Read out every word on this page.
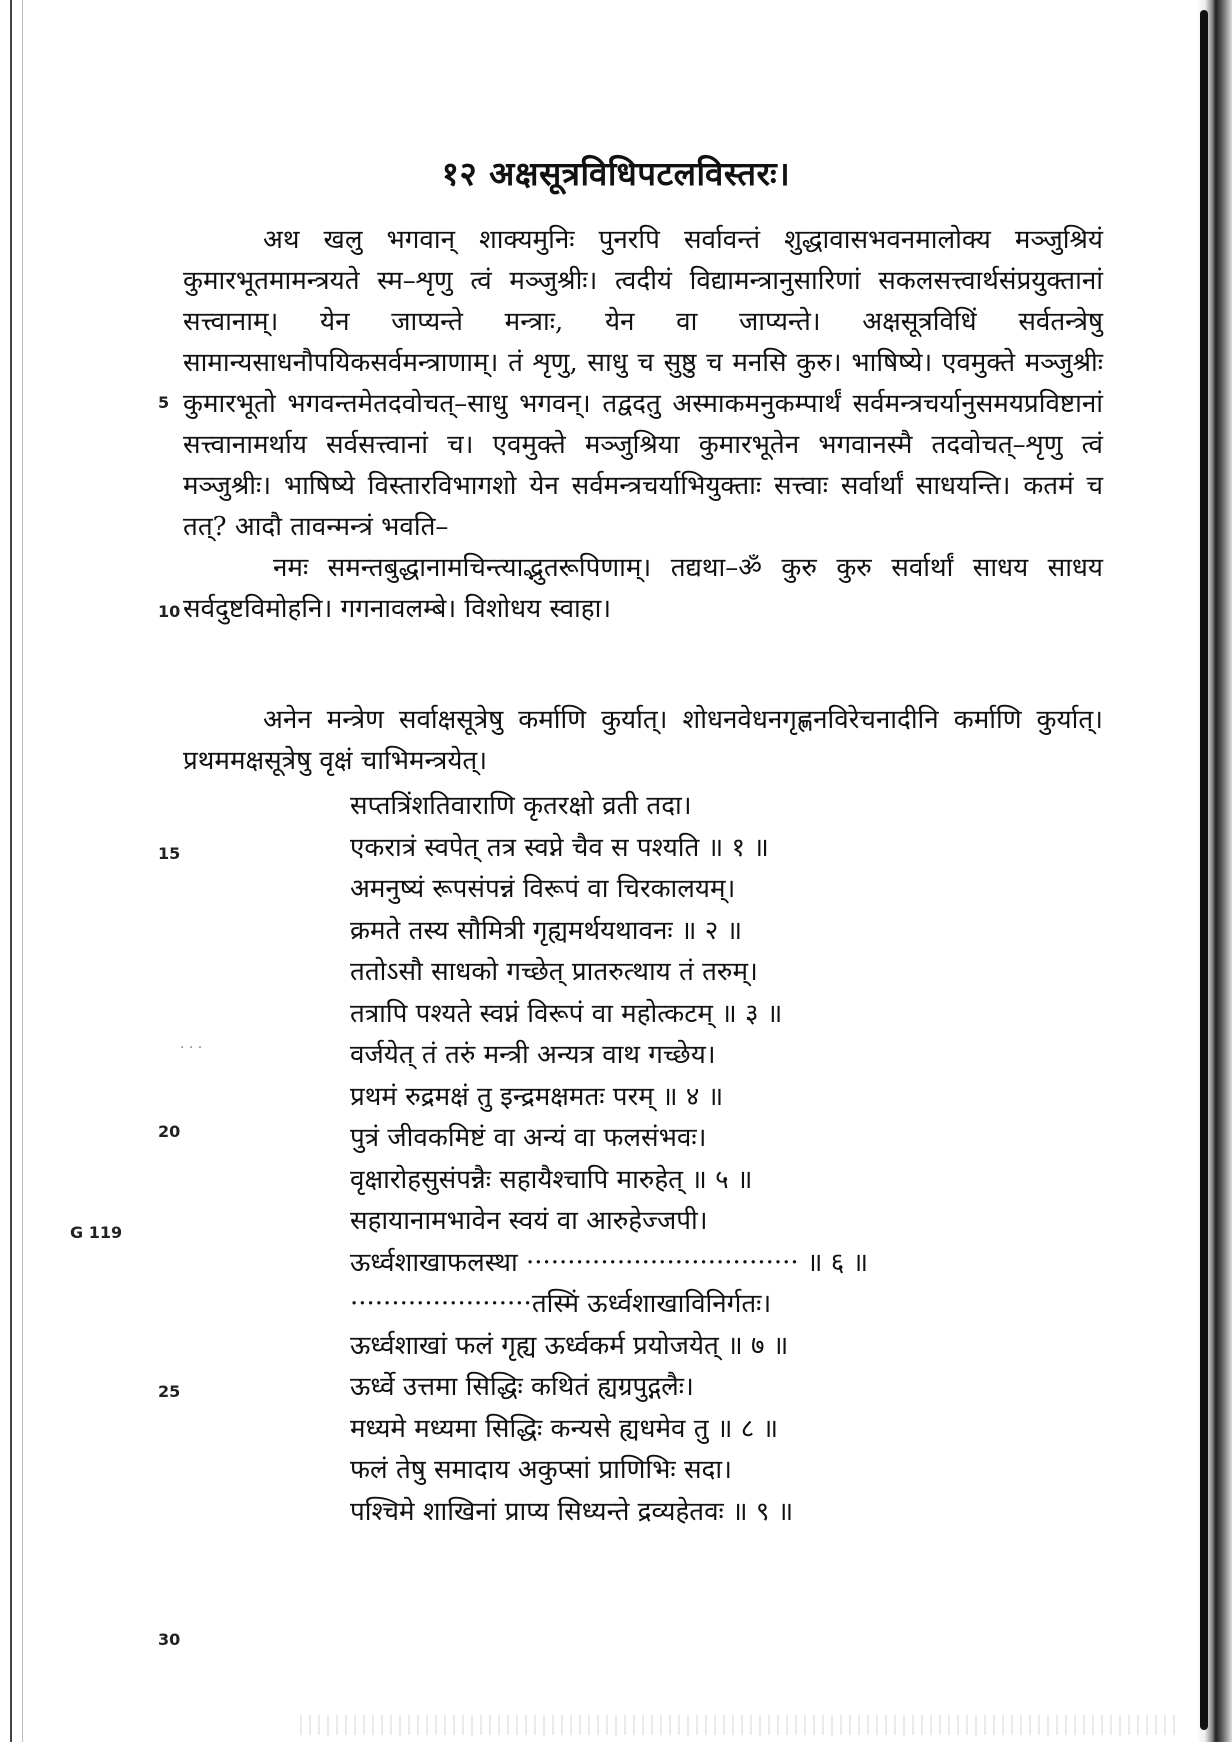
१२ अक्षसूत्रविधिपटलविस्तरः।

अथ खलु भगवान् शाक्यमुनिः पुनरपि सर्वावन्तं शुद्धावासभवनमालोक्य मञ्जुश्रियं कुमारभूतमामन्त्रयते स्म–शृणु त्वं मञ्जुश्रीः। त्वदीयं विद्यामन्त्रानुसारिणां सकलसत्त्वार्थसंप्रयुक्तानां सत्त्वानाम्। येन जाप्यन्ते मन्त्राः, येन वा जाप्यन्ते। अक्षसूत्रविधिं सर्वतन्त्रेषु सामान्यसाधनौपयिकसर्वमन्त्राणाम्। तं शृणु, साधु च सुष्ठु च मनसि कुरु। भाषिष्ये। एवमुक्ते मञ्जुश्रीः कुमारभूतो भगवन्तमेतदवोचत्–साधु भगवन्। तद्वदतु अस्माकमनुकम्पार्थं सर्वमन्त्रचर्यानुसमयप्रविष्टानां सत्त्वानामर्थाय सर्वसत्त्वानां च। एवमुक्ते मञ्जुश्रिया कुमारभूतेन भगवानस्मै तदवोचत्–शृणु त्वं मञ्जुश्रीः। भाषिष्ये विस्तारविभागशो येन सर्वमन्त्रचर्याभियुक्ताः सत्त्वाः सर्वार्थां साधयन्ति। कतमं च तत्? आदौ तावन्मन्त्रं भवति–

नमः समन्तबुद्धानामचिन्त्याद्भुतरूपिणाम्। तद्यथा–ॐ कुरु कुरु सर्वार्थां साधय साधय सर्वदुष्टविमोहनि। गगनावलम्बे। विशोधय स्वाहा।

अनेन मन्त्रेण सर्वाक्षसूत्रेषु कर्माणि कुर्यात्। शोधनवेधनगृह्णनविरेचनादीनि कर्माणि कुर्यात्। प्रथममक्षसूत्रेषु वृक्षं चाभिमन्त्रयेत्।

सप्तत्रिंशतिवाराणि कृतरक्षो व्रती तदा।
एकरात्रं स्वपेत् तत्र स्वप्ने चैव स पश्यति ॥ १ ॥
अमनुष्यं रूपसंपन्नं विरूपं वा चिरकालयम्।
क्रमते तस्य सौमित्री गृह्यमर्थयथावनः ॥ २ ॥
ततोऽसौ साधको गच्छेत् प्रातरुत्थाय तं तरुम्।
तत्रापि पश्यते स्वप्नं विरूपं वा महोत्कटम् ॥ ३ ॥
वर्जयेत् तं तरुं मन्त्री अन्यत्र वाथ गच्छेय।
प्रथमं रुद्रमक्षं तु इन्द्रमक्षमतः परम् ॥ ४ ॥
पुत्रं जीवकमिष्टं वा अन्यं वा फलसंभवः।
वृक्षारोहसुसंपन्नैः सहायैश्चापि मारुहेत् ॥ ५ ॥
सहायानामभावेन स्वयं वा आरुहेज्जपी।
ऊर्ध्वशाखाफलस्था ································· ॥ ६ ॥
······················तस्मिं ऊर्ध्वशाखाविनिर्गतः।
ऊर्ध्वशाखां फलं गृह्य ऊर्ध्वकर्म प्रयोजयेत् ॥ ७ ॥
ऊर्ध्वे उत्तमा सिद्धिः कथितं ह्यग्रपुद्गलैः।
मध्यमे मध्यमा सिद्धिः कन्यसे ह्यधमेव तु ॥ ८ ॥
फलं तेषु समादाय अकुप्सां प्राणिभिः सदा।
पश्चिमे शाखिनां प्राप्य सिध्यन्ते द्रव्यहेतवः ॥ ९ ॥
5
10
15
20
25
30
G 119
· · ·
